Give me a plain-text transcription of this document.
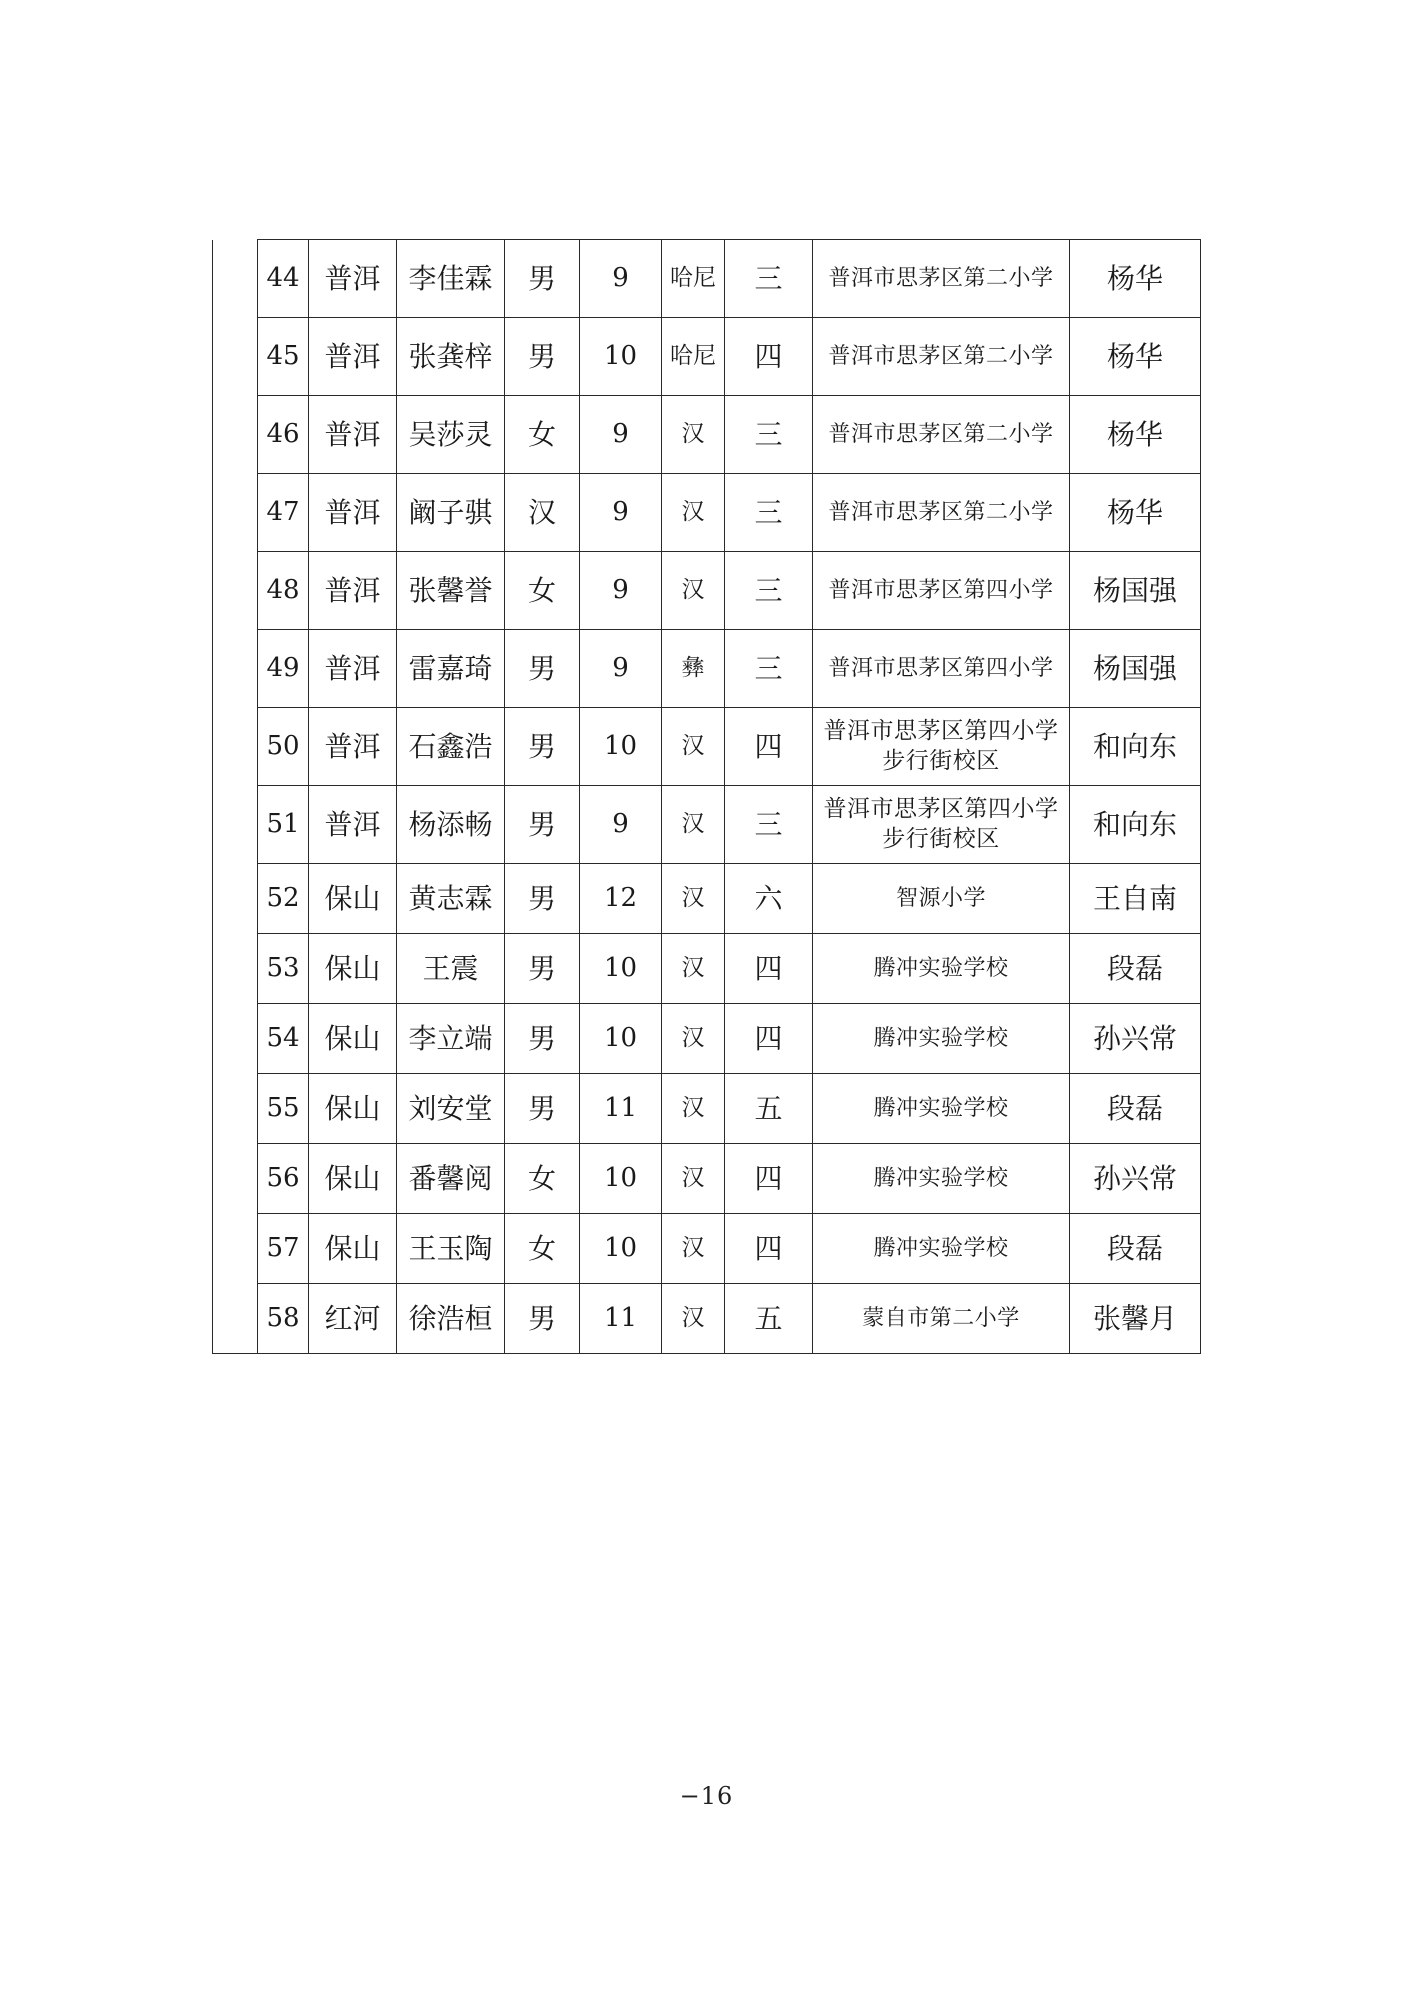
	44	普洱	李佳霖	男	9	哈尼	三	普洱市思茅区第二小学	杨华
	45	普洱	张龚梓	男	10	哈尼	四	普洱市思茅区第二小学	杨华
	46	普洱	吴莎灵	女	9	汉	三	普洱市思茅区第二小学	杨华
	47	普洱	阚子骐	汉	9	汉	三	普洱市思茅区第二小学	杨华
	48	普洱	张馨誉	女	9	汉	三	普洱市思茅区第四小学	杨国强
	49	普洱	雷嘉琦	男	9	彝	三	普洱市思茅区第四小学	杨国强
	50	普洱	石鑫浩	男	10	汉	四	普洱市思茅区第四小学步行街校区	和向东
	51	普洱	杨添畅	男	9	汉	三	普洱市思茅区第四小学步行街校区	和向东
	52	保山	黄志霖	男	12	汉	六	智源小学	王自南
	53	保山	王震	男	10	汉	四	腾冲实验学校	段磊
	54	保山	李立端	男	10	汉	四	腾冲实验学校	孙兴常
	55	保山	刘安堂	男	11	汉	五	腾冲实验学校	段磊
	56	保山	番馨阅	女	10	汉	四	腾冲实验学校	孙兴常
	57	保山	王玉陶	女	10	汉	四	腾冲实验学校	段磊
	58	红河	徐浩桓	男	11	汉	五	蒙自市第二小学	张馨月
−16
